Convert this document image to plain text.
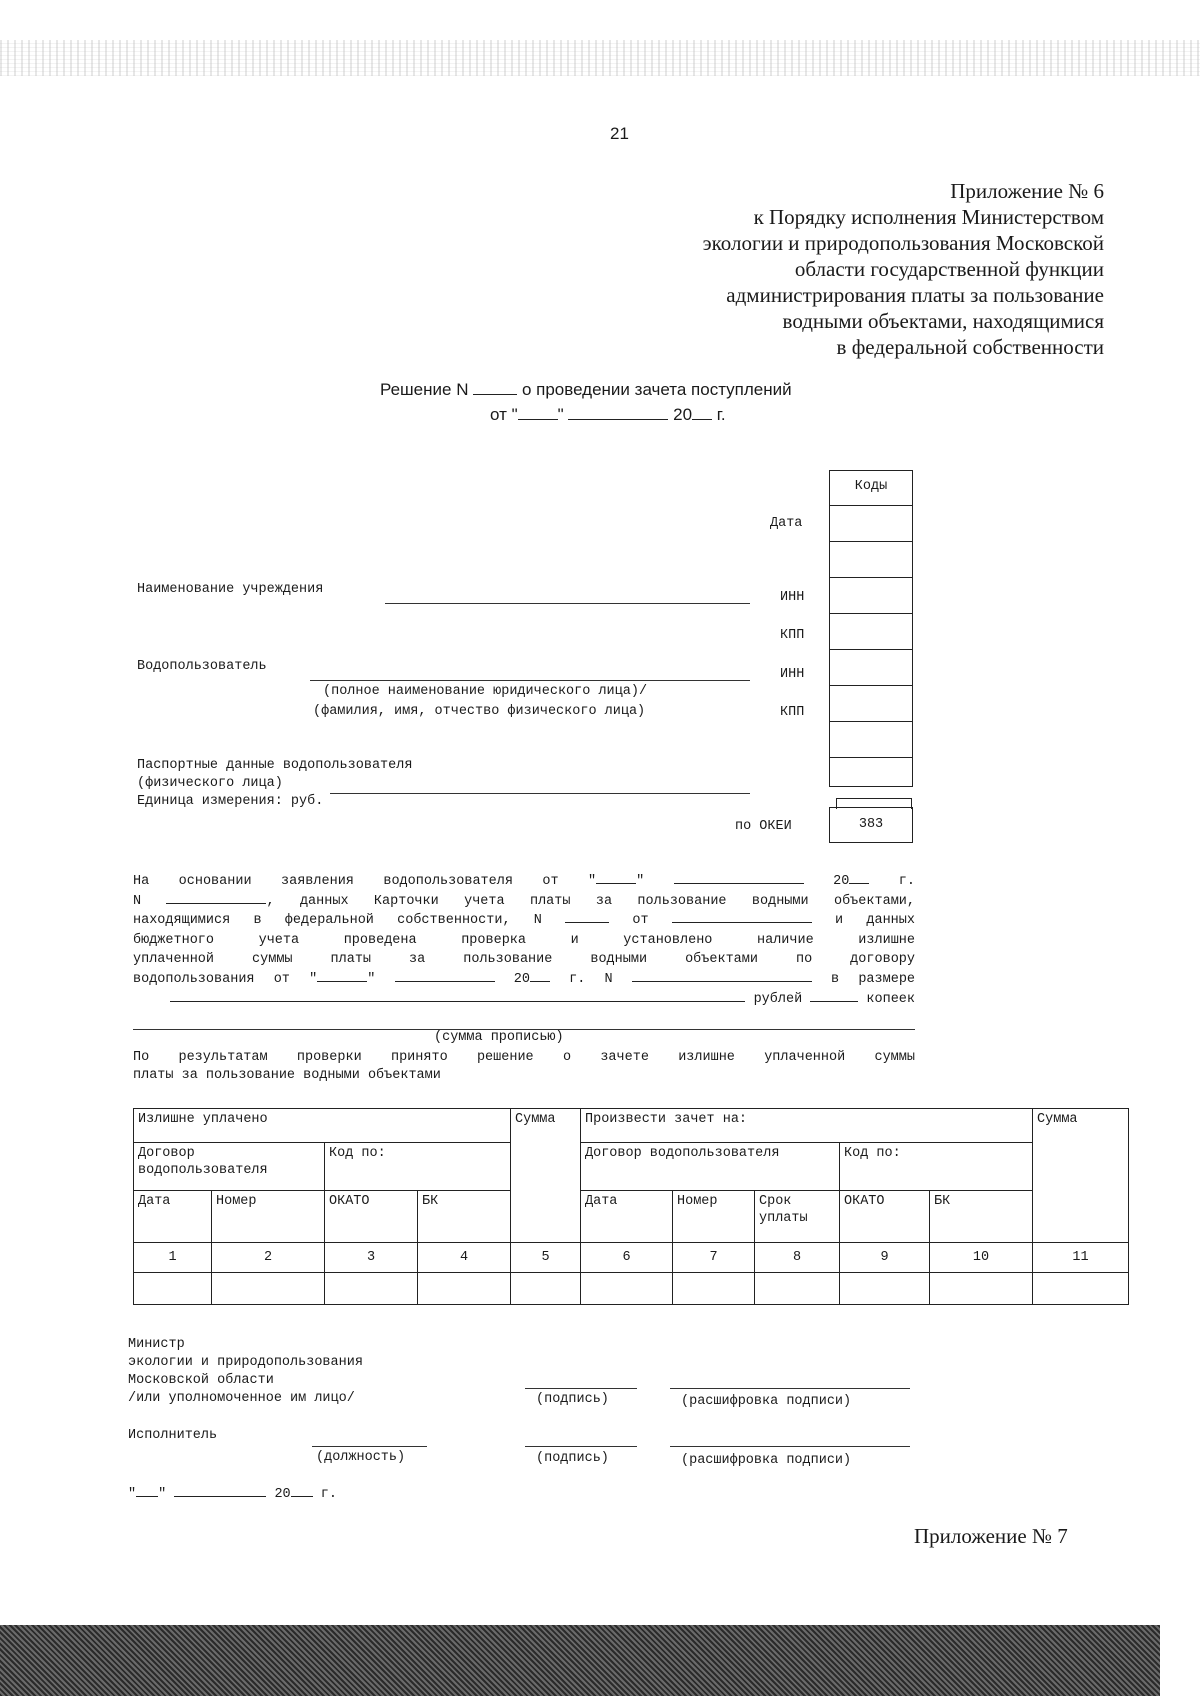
21
Приложение № 6
к Порядку исполнения Министерством
экологии и природопользования Московской
области государственной функции
администрирования платы за пользование
водными объектами, находящимися
в федеральной собственности
Решение N	о проведении зачета поступлений
от " "	20 г.
Коды
383
Дата
ИНН
КПП
ИНН
КПП
по ОКЕИ
Наименование учреждения
Водопользователь
(полное наименование юридического лица)/
(фамилия, имя, отчество физического лица)
Паспортные данные водопользователя
(физического лица)
Единица измерения: руб.
На основании заявления водопользователя от "	"	20	г.
N	, данных Карточки учета платы за пользование водными объектами,
находящимися в федеральной собственности, N	от	и данных
бюджетного учета проведена проверка и установлено наличие излишне
уплаченной суммы платы за пользование водными объектами по договору
водопользования от "	"	20	г. N	в размере
рублей	копеек
(сумма прописью)
По результатам проверки принято решение о зачете излишне уплаченной суммы
платы за пользование водными объектами
Излишне уплачено				Сумма	Произвести зачет на:					Сумма
Договор водопользователя		Код по:			Договор водопользователя			Код по:		
Дата	Номер	ОКАТО	БК		Дата	Номер	Срок уплаты	ОКАТО	БК	
1	2	3	4	5	6	7	8	9	10	11

Министр
экологии и природопользования
Московской области
/или уполномоченное им лицо/	(подпись)	(расшифровка подписи)
Исполнитель
(должность)	(подпись)	(расшифровка подписи)
" "	20 г.
Приложение № 7
